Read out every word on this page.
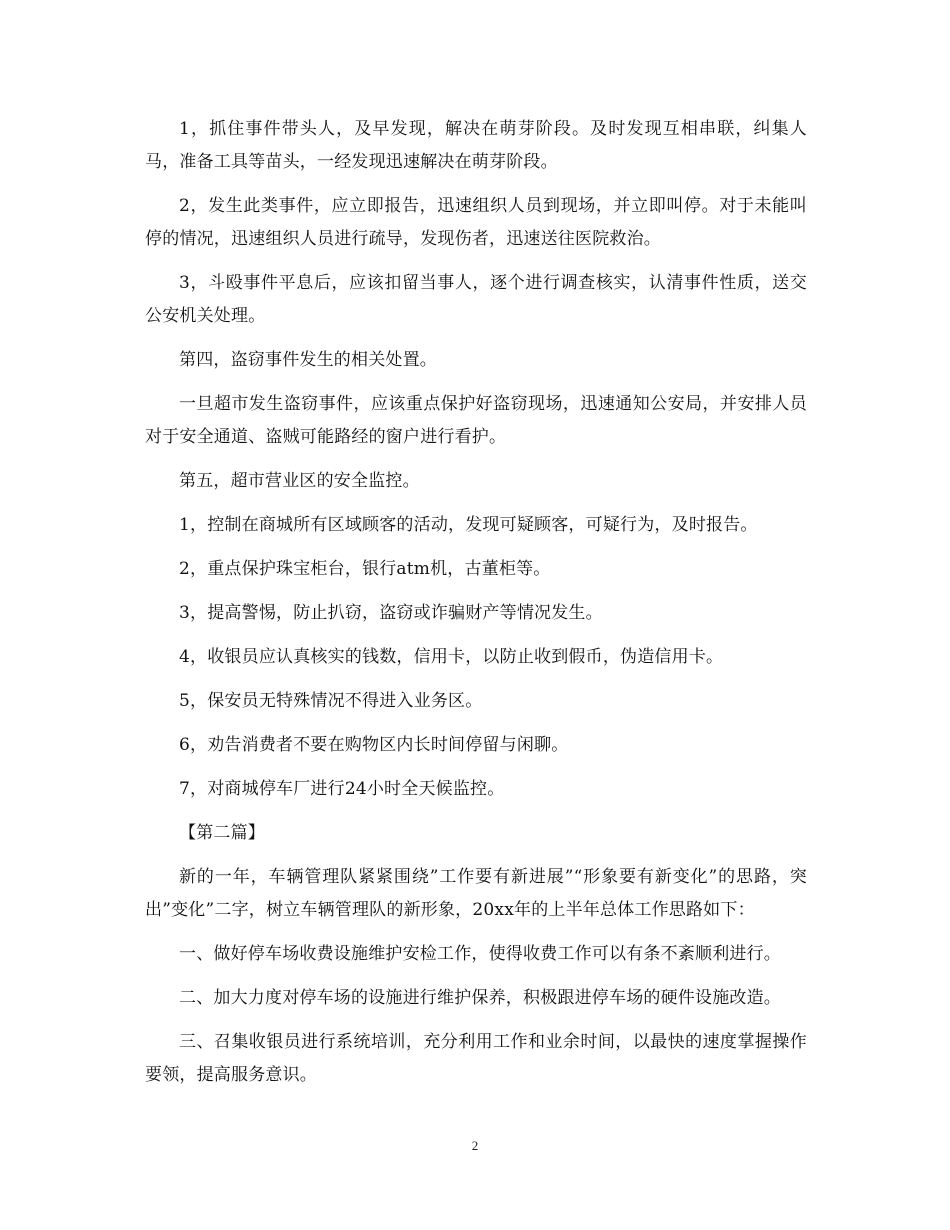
1，抓住事件带头人，及早发现，解决在萌芽阶段。及时发现互相串联，纠集人马，准备工具等苗头，一经发现迅速解决在萌芽阶段。

2，发生此类事件，应立即报告，迅速组织人员到现场，并立即叫停。对于未能叫停的情况，迅速组织人员进行疏导，发现伤者，迅速送往医院救治。

3，斗殴事件平息后，应该扣留当事人，逐个进行调查核实，认清事件性质，送交公安机关处理。

第四，盗窃事件发生的相关处置。

一旦超市发生盗窃事件，应该重点保护好盗窃现场，迅速通知公安局，并安排人员对于安全通道、盗贼可能路经的窗户进行看护。

第五，超市营业区的安全监控。

1，控制在商城所有区域顾客的活动，发现可疑顾客，可疑行为，及时报告。

2，重点保护珠宝柜台，银行atm机，古董柜等。

3，提高警惕，防止扒窃，盗窃或诈骗财产等情况发生。

4，收银员应认真核实的钱数，信用卡，以防止收到假币，伪造信用卡。

5，保安员无特殊情况不得进入业务区。

6，劝告消费者不要在购物区内长时间停留与闲聊。

7，对商城停车厂进行24小时全天候监控。

【第二篇】

新的一年，车辆管理队紧紧围绕”工作要有新进展”“形象要有新变化”的思路，突出”变化”二字，树立车辆管理队的新形象，20xx年的上半年总体工作思路如下：

一、做好停车场收费设施维护安检工作，使得收费工作可以有条不紊顺利进行。

二、加大力度对停车场的设施进行维护保养，积极跟进停车场的硬件设施改造。

三、召集收银员进行系统培训，充分利用工作和业余时间，以最快的速度掌握操作要领，提高服务意识。

2
